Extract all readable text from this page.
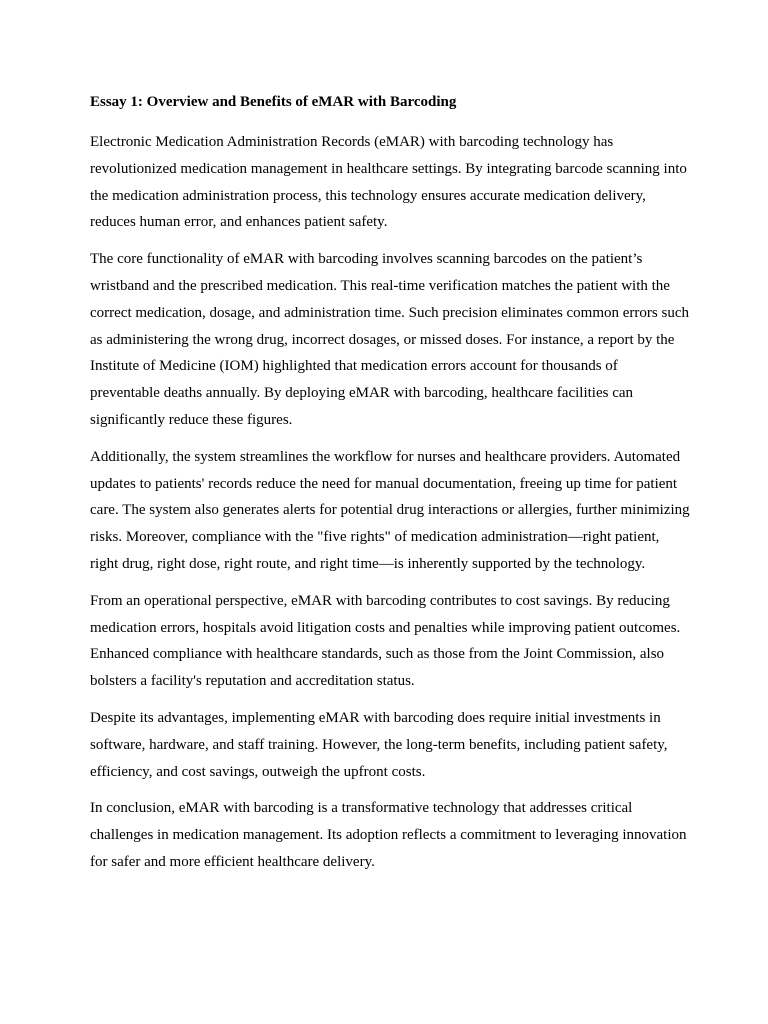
Essay 1: Overview and Benefits of eMAR with Barcoding

Electronic Medication Administration Records (eMAR) with barcoding technology has revolutionized medication management in healthcare settings. By integrating barcode scanning into the medication administration process, this technology ensures accurate medication delivery, reduces human error, and enhances patient safety.

The core functionality of eMAR with barcoding involves scanning barcodes on the patient’s wristband and the prescribed medication. This real-time verification matches the patient with the correct medication, dosage, and administration time. Such precision eliminates common errors such as administering the wrong drug, incorrect dosages, or missed doses. For instance, a report by the Institute of Medicine (IOM) highlighted that medication errors account for thousands of preventable deaths annually. By deploying eMAR with barcoding, healthcare facilities can significantly reduce these figures.

Additionally, the system streamlines the workflow for nurses and healthcare providers. Automated updates to patients' records reduce the need for manual documentation, freeing up time for patient care. The system also generates alerts for potential drug interactions or allergies, further minimizing risks. Moreover, compliance with the "five rights" of medication administration—right patient, right drug, right dose, right route, and right time—is inherently supported by the technology.

From an operational perspective, eMAR with barcoding contributes to cost savings. By reducing medication errors, hospitals avoid litigation costs and penalties while improving patient outcomes. Enhanced compliance with healthcare standards, such as those from the Joint Commission, also bolsters a facility's reputation and accreditation status.

Despite its advantages, implementing eMAR with barcoding does require initial investments in software, hardware, and staff training. However, the long-term benefits, including patient safety, efficiency, and cost savings, outweigh the upfront costs.

In conclusion, eMAR with barcoding is a transformative technology that addresses critical challenges in medication management. Its adoption reflects a commitment to leveraging innovation for safer and more efficient healthcare delivery.
